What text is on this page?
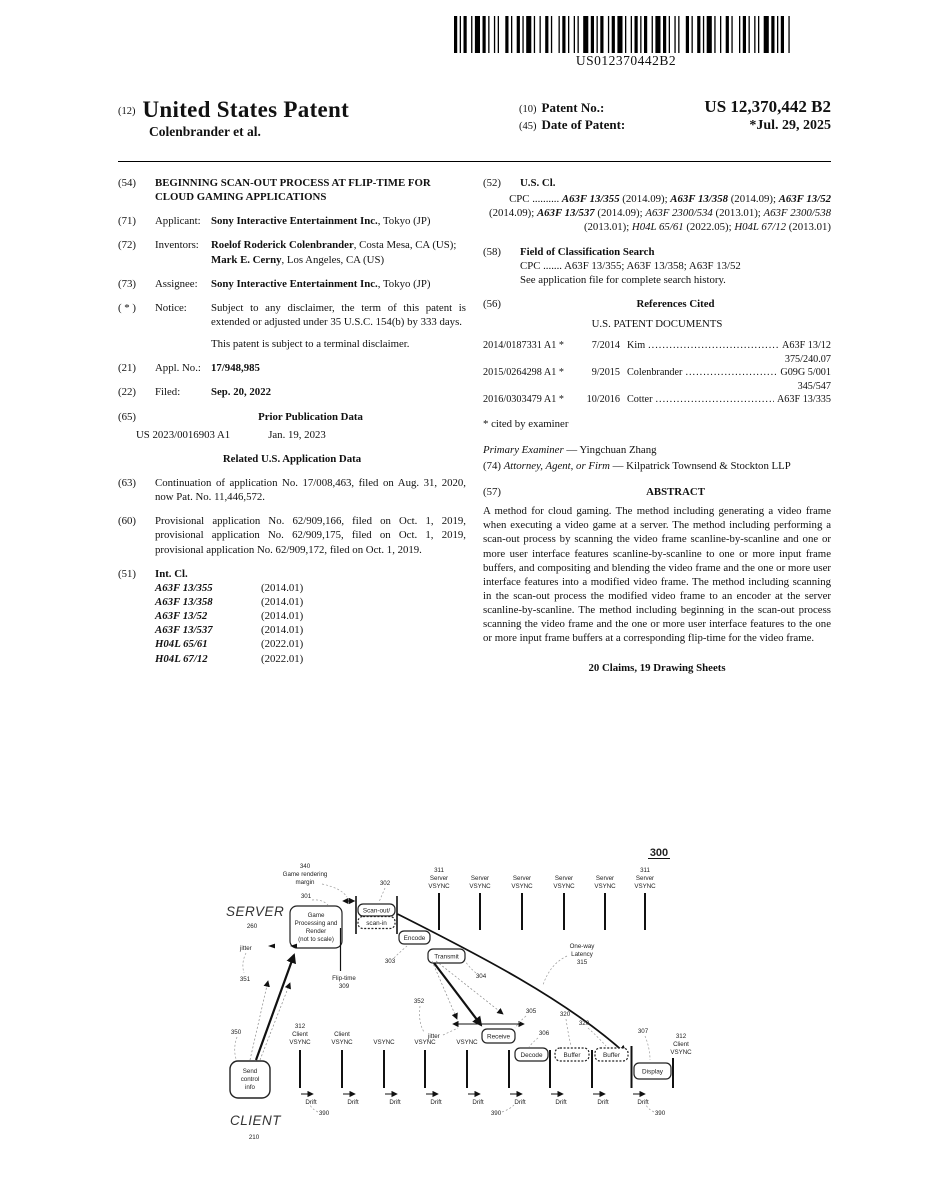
US012370442B2
(12) United States Patent
Colenbrander et al.
(10) Patent No.:	US 12,370,442 B2
(45) Date of Patent:	*Jul. 29, 2025
(54)	BEGINNING SCAN-OUT PROCESS AT FLIP-TIME FOR CLOUD GAMING APPLICATIONS
(71)	Applicant: Sony Interactive Entertainment Inc., Tokyo (JP)
(72)	Inventors:	Roelof Roderick Colenbrander, Costa Mesa, CA (US); Mark E. Cerny, Los Angeles, CA (US)
(73)	Assignee:	Sony Interactive Entertainment Inc., Tokyo (JP)
( * )	Notice:	Subject to any disclaimer, the term of this patent is extended or adjusted under 35 U.S.C. 154(b) by 333 days.
This patent is subject to a terminal disclaimer.
(21)	Appl. No.: 17/948,985
(22)	Filed:	Sep. 20, 2022
(65)	Prior Publication Data
US 2023/0016903 A1	Jan. 19, 2023
Related U.S. Application Data
(63)	Continuation of application No. 17/008,463, filed on Aug. 31, 2020, now Pat. No. 11,446,572.
(60)	Provisional application No. 62/909,166, filed on Oct. 1, 2019, provisional application No. 62/909,175, filed on Oct. 1, 2019, provisional application No. 62/909,172, filed on Oct. 1, 2019.
(51)	Int. Cl.
A63F 13/355	(2014.01)
A63F 13/358	(2014.01)
A63F 13/52	(2014.01)
A63F 13/537	(2014.01)
H04L 65/61	(2022.01)
H04L 67/12	(2022.01)
(52)	U.S. Cl.
CPC .......... A63F 13/355 (2014.09); A63F 13/358 (2014.09); A63F 13/52 (2014.09); A63F 13/537 (2014.09); A63F 2300/534 (2013.01); A63F 2300/538 (2013.01); H04L 65/61 (2022.05); H04L 67/12 (2013.01)
(58)	Field of Classification Search
CPC ....... A63F 13/355; A63F 13/358; A63F 13/52
See application file for complete search history.
(56)	References Cited
U.S. PATENT DOCUMENTS
2014/0187331 A1 *	7/2014 Kim .....	A63F 13/12
375/240.07
2015/0264298 A1 *	9/2015 Colenbrander .....	G09G 5/001
345/547
2016/0303479 A1 *	10/2016 Cotter .....	A63F 13/335
* cited by examiner
Primary Examiner — Yingchuan Zhang
(74) Attorney, Agent, or Firm — Kilpatrick Townsend & Stockton LLP
(57)	ABSTRACT
A method for cloud gaming. The method including generating a video frame when executing a video game at a server. The method including performing a scan-out process by scanning the video frame scanline-by-scanline and one or more user interface features scanline-by-scanline to one or more input frame buffers, and compositing and blending the video frame and the one or more user interface features into a modified video frame. The method including scanning in the scan-out process the modified video frame to an encoder at the server scanline-by-scanline. The method including beginning in the scan-out process scanning the video frame and the one or more user interface features to the one or more input frame buffers at a corresponding flip-time for the video frame.
20 Claims, 19 Drawing Sheets
300
SERVER
260
CLIENT
210
Game
Processing and
Render
(not to scale)
301
340
Game rendering
margin
Flip-time
309
Scan-out/
scan-in
302
One-way
Latency
315
Encode
303
Transmit
304
352
jitter	Receive
305
Decode
306
Buffer
320
Buffer
320
Display
307
312
Client
VSYNC
Send
control
info
350
351
jitter
390	390	390
311
Server
VSYNC
Server
VSYNC
Server
VSYNC
Server
VSYNC
Server
VSYNC
311
Server
VSYNC
312
Client
VSYNC
Client
VSYNC	VSYNC	VSYNC	VSYNC
Drift	Drift	Drift	Drift	Drift	Drift	Drift	Drift	Drift
